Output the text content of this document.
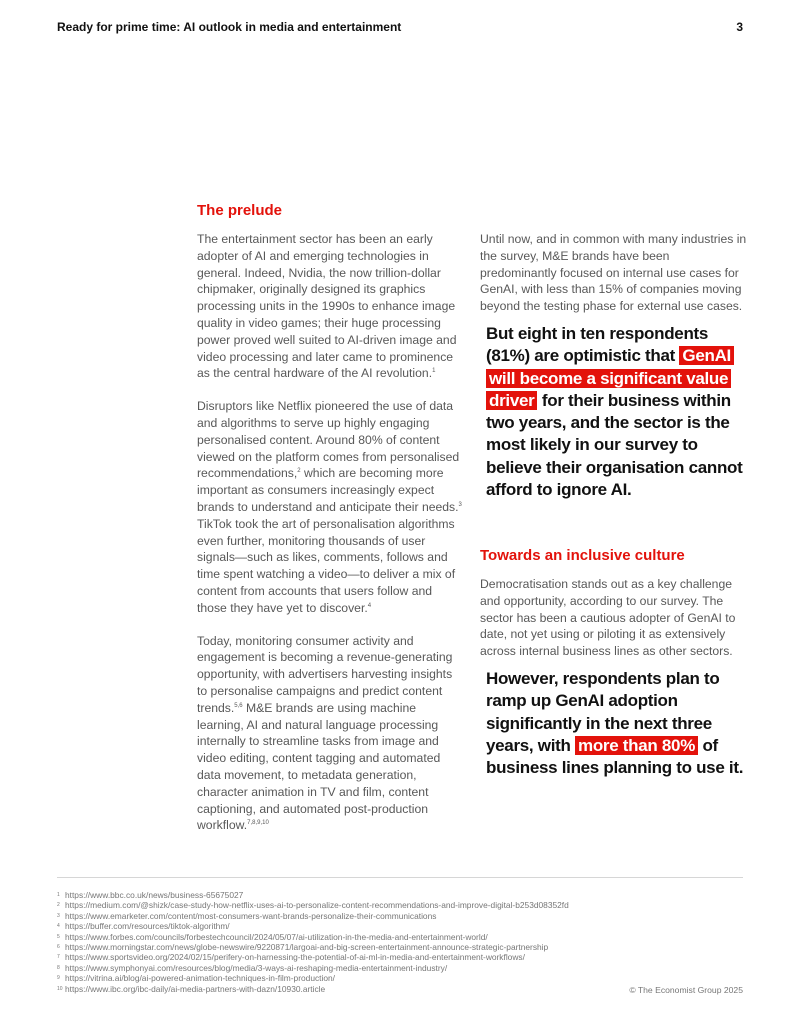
Ready for prime time: AI outlook in media and entertainment	3
The prelude

The entertainment sector has been an early adopter of AI and emerging technologies in general. Indeed, Nvidia, the now trillion-dollar chipmaker, originally designed its graphics processing units in the 1990s to enhance image quality in video games; their huge processing power proved well suited to AI-driven image and video processing and later came to prominence as the central hardware of the AI revolution.$^1$

Disruptors like Netflix pioneered the use of data and algorithms to serve up highly engaging personalised content. Around 80% of content viewed on the platform comes from personalised recommendations,$^2$ which are becoming more important as consumers increasingly expect brands to understand and anticipate their needs.$^3$ TikTok took the art of personalisation algorithms even further, monitoring thousands of user signals—such as likes, comments, follows and time spent watching a video—to deliver a mix of content from accounts that users follow and those they have yet to discover.$^4$

Today, monitoring consumer activity and engagement is becoming a revenue-generating opportunity, with advertisers harvesting insights to personalise campaigns and predict content trends.$^{5,6}$ M&E brands are using machine learning, AI and natural language processing internally to streamline tasks from image and video editing, content tagging and automated data movement, to metadata generation, character animation in TV and film, content captioning, and automated post-production workflow.$^{7,8,9,10}$

Until now, and in common with many industries in the survey, M&E brands have been predominantly focused on internal use cases for GenAI, with less than 15% of companies moving beyond the testing phase for external use cases.

But eight in ten respondents (81%) are optimistic that GenAI will become a significant value driver for their business within two years, and the sector is the most likely in our survey to believe their organisation cannot afford to ignore AI.
Towards an inclusive culture

Democratisation stands out as a key challenge and opportunity, according to our survey. The sector has been a cautious adopter of GenAI to date, not yet using or piloting it as extensively across internal business lines as other sectors.

However, respondents plan to ramp up GenAI adoption significantly in the next three years, with more than 80% of business lines planning to use it.
1 https://www.bbc.co.uk/news/business-65675027
2 https://medium.com/@shizk/case-study-how-netflix-uses-ai-to-personalize-content-recommendations-and-improve-digital-b253d08352fd
3 https://www.emarketer.com/content/most-consumers-want-brands-personalize-their-communications
4 https://buffer.com/resources/tiktok-algorithm/
5 https://www.forbes.com/councils/forbestechcouncil/2024/05/07/ai-utilization-in-the-media-and-entertainment-world/
6 https://www.morningstar.com/news/globe-newswire/9220871/largoai-and-big-screen-entertainment-announce-strategic-partnership
7 https://www.sportsvideo.org/2024/02/15/perifery-on-harnessing-the-potential-of-ai-ml-in-media-and-entertainment-workflows/
8 https://www.symphonyai.com/resources/blog/media/3-ways-ai-reshaping-media-entertainment-industry/
9 https://vitrina.ai/blog/ai-powered-animation-techniques-in-film-production/
10 https://www.ibc.org/ibc-daily/ai-media-partners-with-dazn/10930.article	© The Economist Group 2025
